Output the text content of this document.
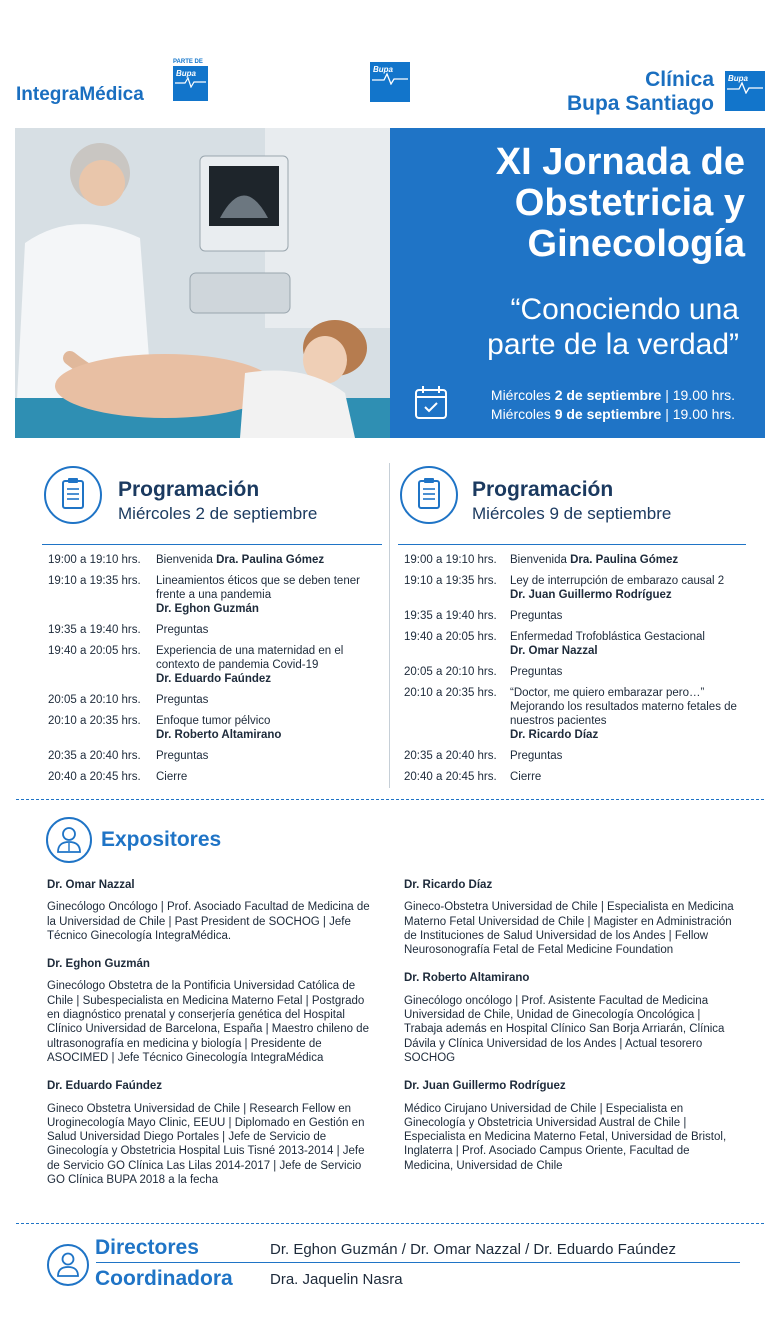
IntegraMédica
PARTE DE
Bupa	Bupa	Clínica
Bupa Santiago
Bupa
XI Jornada de
Obstetricia y
Ginecología
“Conociendo una
parte de la verdad”
Miércoles 2 de septiembre | 19.00 hrs.
Miércoles 9 de septiembre | 19.00 hrs.
Programación
Miércoles 2 de septiembre
19:00 a 19:10 hrs.	Bienvenida Dra. Paulina Gómez
19:10 a 19:35 hrs.	Lineamientos éticos que se deben tener frente a una pandemia
Dr. Eghon Guzmán
19:35 a 19:40 hrs.	Preguntas
19:40 a 20:05 hrs.	Experiencia de una maternidad en el contexto de pandemia Covid-19
Dr. Eduardo Faúndez
20:05 a 20:10 hrs.	Preguntas
20:10 a 20:35 hrs.	Enfoque tumor pélvico
Dr. Roberto Altamirano
20:35 a 20:40 hrs.	Preguntas
20:40 a 20:45 hrs.	Cierre
Programación
Miércoles 9 de septiembre
19:00 a 19:10 hrs.	Bienvenida Dra. Paulina Gómez
19:10 a 19:35 hrs.	Ley de interrupción de embarazo causal 2
Dr. Juan Guillermo Rodríguez
19:35 a 19:40 hrs.	Preguntas
19:40 a 20:05 hrs.	Enfermedad Trofoblástica Gestacional
Dr. Omar Nazzal
20:05 a 20:10 hrs.	Preguntas
20:10 a 20:35 hrs.	“Doctor, me quiero embarazar pero…” Mejorando los resultados materno fetales de nuestros pacientes
Dr. Ricardo Díaz
20:35 a 20:40 hrs.	Preguntas
20:40 a 20:45 hrs.	Cierre
Expositores
Dr. Omar Nazzal
Ginecólogo Oncólogo | Prof. Asociado Facultad de Medicina de la Universidad de Chile | Past President de SOCHOG | Jefe Técnico Ginecología IntegraMédica.
Dr. Eghon Guzmán
Ginecólogo Obstetra de la Pontificia Universidad Católica de Chile | Subespecialista en Medicina Materno Fetal | Postgrado en diagnóstico prenatal y conserjería genética del Hospital Clínico Universidad de Barcelona, España | Maestro chileno de ultrasonografía en medicina y biología | Presidente de ASOCIMED | Jefe Técnico Ginecología IntegraMédica
Dr. Eduardo Faúndez
Gineco Obstetra Universidad de Chile | Research Fellow en Uroginecología Mayo Clinic, EEUU | Diplomado en Gestión en Salud Universidad Diego Portales | Jefe de Servicio de Ginecología y Obstetricia Hospital Luis Tisné 2013-2014 | Jefe de Servicio GO Clínica Las Lilas 2014-2017 | Jefe de Servicio GO Clínica BUPA 2018 a la fecha
Dr. Ricardo Díaz
Gineco-Obstetra Universidad de Chile | Especialista en Medicina Materno Fetal Universidad de Chile | Magister en Administración de Instituciones de Salud Universidad de los Andes | Fellow Neurosonografía Fetal de Fetal Medicine Foundation
Dr. Roberto Altamirano
Ginecólogo oncólogo | Prof. Asistente Facultad de Medicina Universidad de Chile, Unidad de Ginecología Oncológica | Trabaja además en Hospital Clínico San Borja Arriarán, Clínica Dávila y Clínica Universidad de los Andes | Actual tesorero SOCHOG
Dr. Juan Guillermo Rodríguez
Médico Cirujano Universidad de Chile | Especialista en Ginecología y Obstetricia Universidad Austral de Chile | Especialista en Medicina Materno Fetal, Universidad de Bristol, Inglaterra | Prof. Asociado Campus Oriente, Facultad de Medicina, Universidad de Chile
Directores	Dr. Eghon Guzmán / Dr. Omar Nazzal / Dr. Eduardo Faúndez
Coordinadora Dra. Jaquelin Nasra
